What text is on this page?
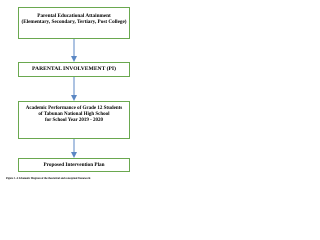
Parental Educational Attainment
(Elementary, Secondary, Tertiary, Post College)
PARENTAL INVOLVEMENT (PI)
Academic Performance of Grade 12 Students
of Tabunan National High School
for School Year 2019 - 2020
Proposed Intervention Plan
Figure 1. A Schematic Diagram of the theoretical and conceptual framework
